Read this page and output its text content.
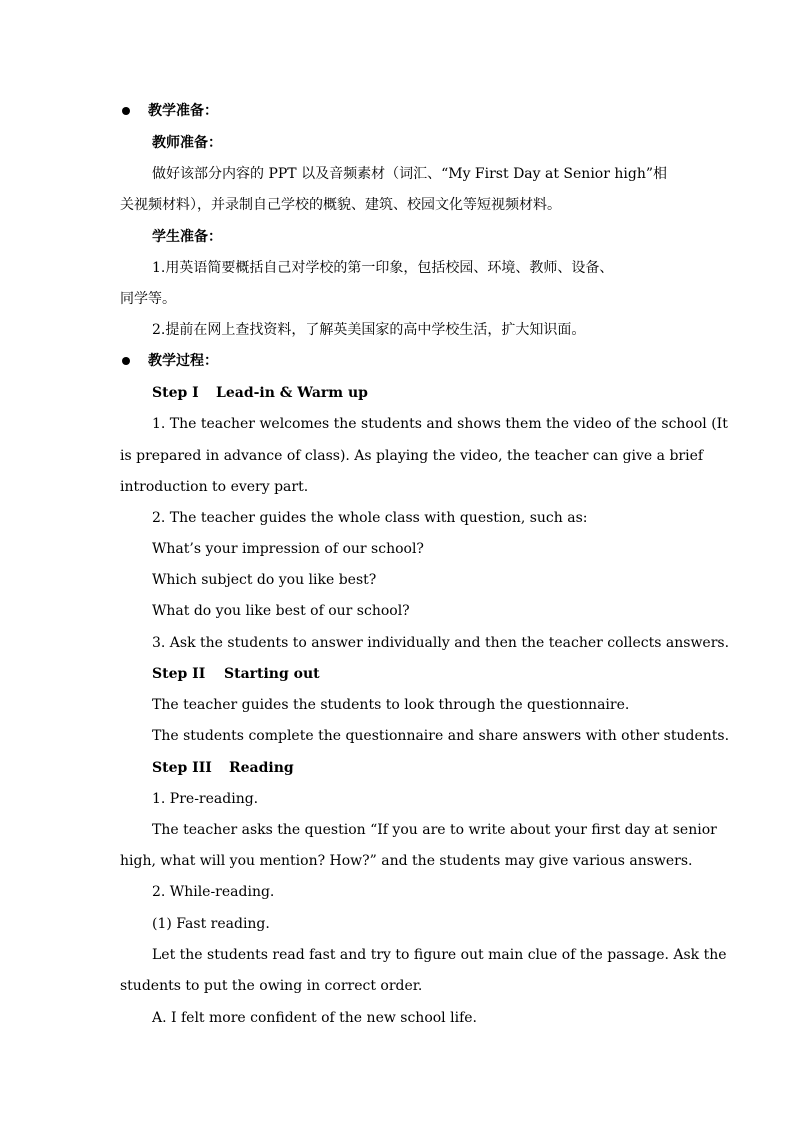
教学准备：
教师准备：
做好该部分内容的 PPT 以及音频素材（词汇、“My First Day at Senior high”相
关视频材料），并录制自己学校的概貌、建筑、校园文化等短视频材料。
学生准备：
1.用英语简要概括自己对学校的第一印象，包括校园、环境、教师、设备、
同学等。
2.提前在网上查找资料，了解英美国家的高中学校生活，扩大知识面。
教学过程：
Step I Lead-in & Warm up
1. The teacher welcomes the students and shows them the video of the school (It
is prepared in advance of class). As playing the video, the teacher can give a brief
introduction to every part.
2. The teacher guides the whole class with question, such as:
What’s your impression of our school?
Which subject do you like best?
What do you like best of our school?
3. Ask the students to answer individually and then the teacher collects answers.
Step II Starting out
The teacher guides the students to look through the questionnaire.
The students complete the questionnaire and share answers with other students.
Step III Reading
1. Pre-reading.
The teacher asks the question “If you are to write about your first day at senior
high, what will you mention? How?” and the students may give various answers.
2. While-reading.
(1) Fast reading.
Let the students read fast and try to figure out main clue of the passage. Ask the
students to put the owing in correct order.
A. I felt more confident of the new school life.
